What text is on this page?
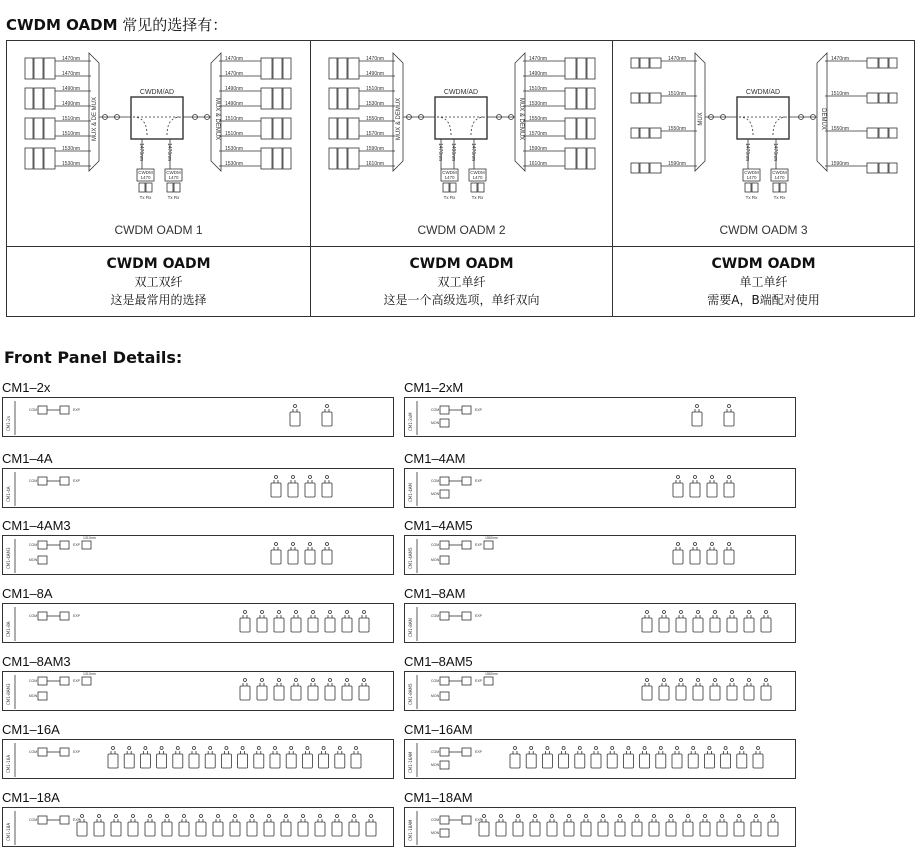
CWDM OADM 常见的选择有：
MUX & DE MUX	MUX & DEMUX
1470nm	1470nm
1470nm	1470nm
1490nm	1490nm
1490nm	1490nm
1510nm	1510nm
1510nm	1510nm
1530nm	1530nm
1530nm	1530nm
CWDM/AD
1470nm	1470nm
CWDM
1470
Tx Rx
CWDM
1470
Tx Rx
CWDM OADM 1
CWDM OADM
双工双纤
这是最常用的选择
MUX & DEMUX	MUX & DEMUX
1470nm	1470nm
1490nm	1490nm
1510nm	1510nm
1530nm	1530nm
1550nm	1550nm
1570nm	1570nm
1590nm	1590nm
1610nm	1610nm
CWDM/AD
1470nm 1490nm	1470nm
CWDM
1470
Tx Rx
CWDM
1470
Tx Rx
CWDM OADM 2
CWDM OADM
双工单纤
这是一个高级选项，单纤双向
MUX	DEMUX
1470nm	1470nm
1510nm	1510nm
1550nm	1550nm
1590nm	1590nm
CWDM/AD
1470nm	1470nm
CWDM
1470
Tx Rx
CWDM
1470
Tx Rx
CWDM OADM 3
CWDM OADM
单工单纤
需要A，B端配对使用
Front Panel Details:
CM1–2x
CM1-2x
COM	EXP
CM1–2xM
CM1-2xM
COM	EXP
MON
CM1–4A
CM1-4A
COM	EXP
CM1–4AM
CM1-4AM
COM	EXP
MON
CM1–4AM3
CM1-4AM3
COM	EXP
1310nm
MON
CM1–4AM5
CM1-4AM5
COM	EXP
1550nm
MON
CM1–8A
CM1-8A
COM	EXP
CM1–8AM
CM1-8AM
COM	EXP
CM1–8AM3
CM1-8AM3
COM	EXP
1310nm
MON
CM1–8AM5
CM1-8AM5
COM	EXP
1550nm
MON
CM1–16A
CM1-16A
COM	EXP
CM1–16AM
CM1-16AM	COM	EXP
MON
CM1–18A
CM1-18A
COM	EXP
CM1–18AM
CM1-18AM	COM	EXP
MON
